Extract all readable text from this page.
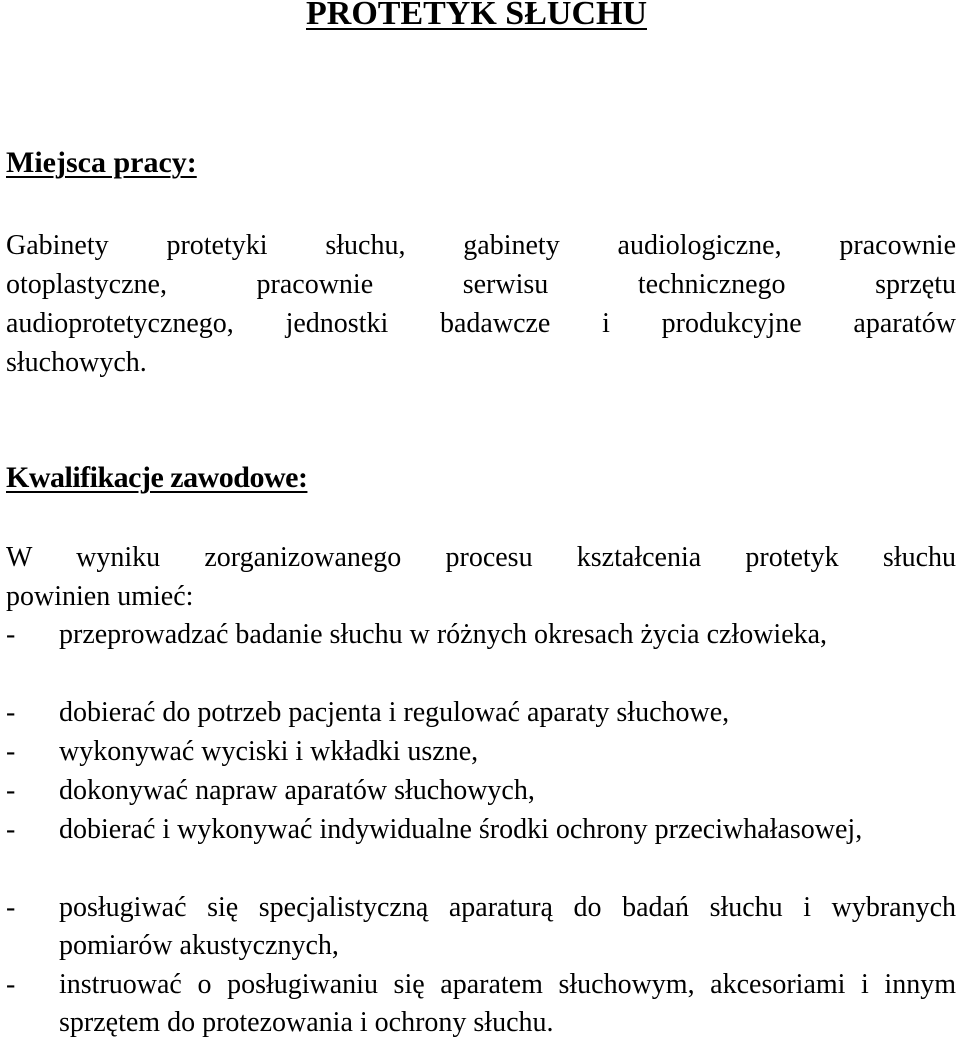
PROTETYK SŁUCHU
Miejsca pracy:
Gabinety protetyki słuchu, gabinety audiologiczne, pracownie
otoplastyczne, pracownie serwisu technicznego sprzętu
audioprotetycznego, jednostki badawcze i produkcyjne aparatów
słuchowych.
Kwalifikacje zawodowe:
W wyniku zorganizowanego procesu kształcenia protetyk słuchu
powinien umieć:
- przeprowadzać badanie słuchu w różnych okresach życia człowieka,
- dobierać do potrzeb pacjenta i regulować aparaty słuchowe,
- wykonywać wyciski i wkładki uszne,
- dokonywać napraw aparatów słuchowych,
- dobierać i wykonywać indywidualne środki ochrony przeciwhałasowej,
- posługiwać się specjalistyczną aparaturą do badań słuchu i wybranych pomiarów akustycznych,
- instruować o posługiwaniu się aparatem słuchowym, akcesoriami i innym sprzętem do protezowania i ochrony słuchu.
